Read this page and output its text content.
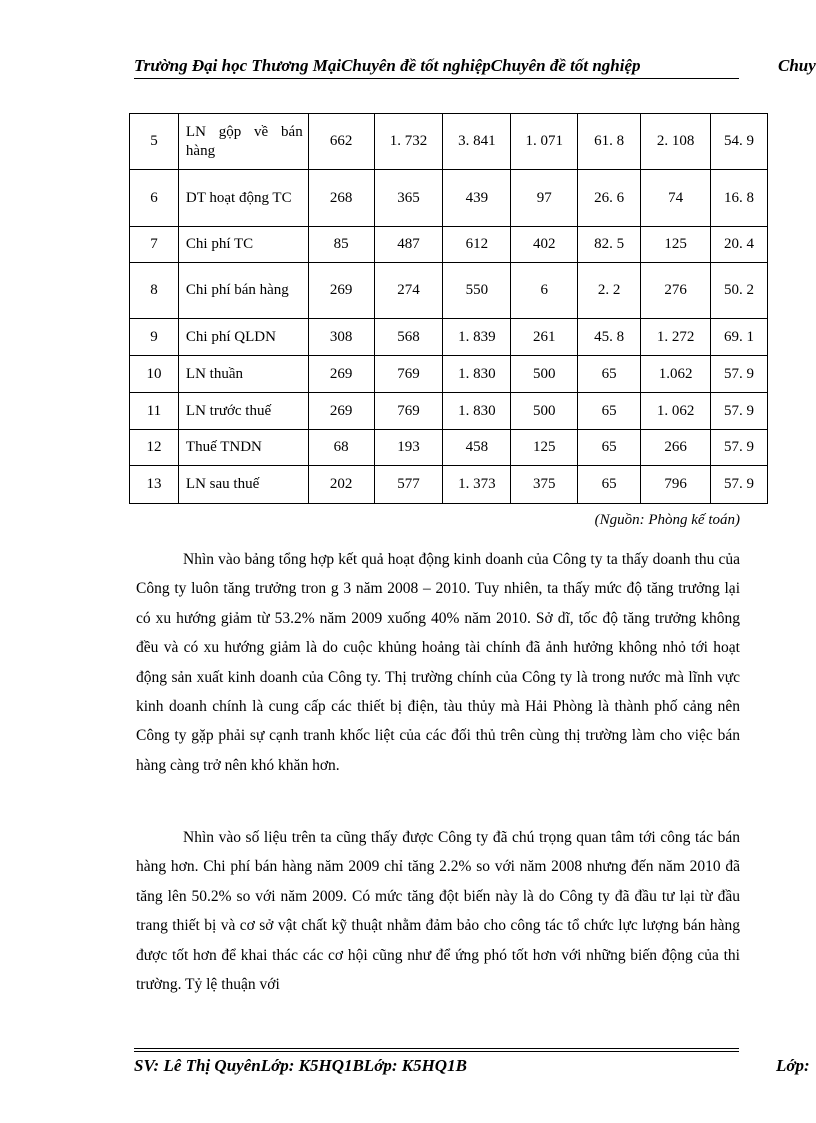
Trường Đại học Thương MạiChuyên đề tốt nghiệpChuyên đề tốt nghiệp	Chuy
5	LN gộp về bán hàng	662	1. 732	3. 841	1. 071	61. 8	2. 108	54. 9
6	DT hoạt động TC	268	365	439	97	26. 6	74	16. 8
7	Chi phí TC	85	487	612	402	82. 5	125	20. 4
8	Chi phí bán hàng	269	274	550	6	2. 2	276	50. 2
9	Chi phí QLDN	308	568	1. 839	261	45. 8	1. 272	69. 1
10	LN thuần	269	769	1. 830	500	65	1.062	57. 9
11	LN trước thuế	269	769	1. 830	500	65	1. 062	57. 9
12	Thuế TNDN	68	193	458	125	65	266	57. 9
13	LN sau thuế	202	577	1. 373	375	65	796	57. 9
(Nguồn: Phòng kế toán)

Nhìn vào bảng tổng hợp kết quả hoạt động kinh doanh của Công ty ta thấy doanh thu của Công ty luôn tăng trưởng tron g 3 năm 2008 – 2010. Tuy nhiên, ta thấy mức độ tăng trưởng lại có xu hướng giảm từ 53.2% năm 2009 xuống 40% năm 2010. Sở dĩ, tốc độ tăng trưởng không đều và có xu hướng giảm là do cuộc khủng hoảng tài chính đã ảnh hưởng không nhỏ tới hoạt động sản xuất kinh doanh của Công ty. Thị trường chính của Công ty là trong nước mà lĩnh vực kinh doanh chính là cung cấp các thiết bị điện, tàu thủy mà Hải Phòng là thành phố cảng nên Công ty gặp phải sự cạnh tranh khốc liệt của các đối thủ trên cùng thị trường làm cho việc bán hàng càng trở nên khó khăn hơn.

Nhìn vào số liệu trên ta cũng thấy được Công ty đã chú trọng quan tâm tới công tác bán hàng hơn. Chi phí bán hàng năm 2009 chỉ tăng 2.2% so với năm 2008 nhưng đến năm 2010 đã tăng lên 50.2% so với năm 2009. Có mức tăng đột biến này là do Công ty đã đầu tư lại từ đầu trang thiết bị và cơ sở vật chất kỹ thuật nhằm đảm bảo cho công tác tổ chức lực lượng bán hàng được tốt hơn để khai thác các cơ hội cũng như để ứng phó tốt hơn với những biến động của thi trường. Tỷ lệ thuận với

SV: Lê Thị QuyênLớp: K5HQ1BLớp: K5HQ1B	Lớp:
